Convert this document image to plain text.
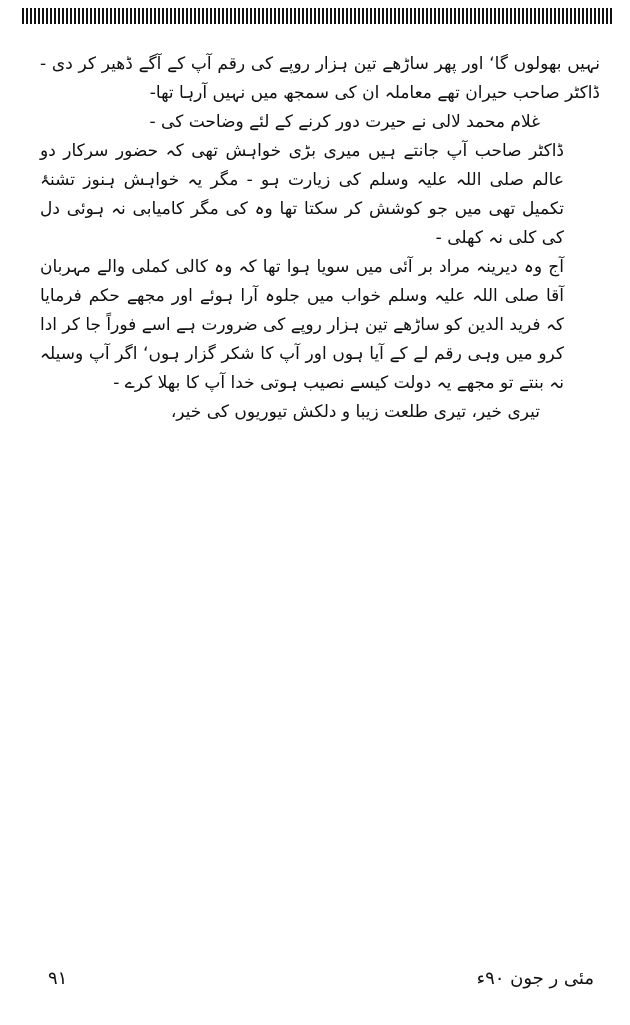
نہیں بھولوں گا‘ اور پھر ساڑھے تین ہزار روپے کی رقم آپ کے آگے ڈھیر کر دی - ڈاکٹر صاحب حیران تھے معاملہ ان کی سمجھ میں نہیں آرہا تھا-

غلام محمد لالی نے حیرت دور کرنے کے لئے وضاحت کی -

ڈاکٹر صاحب آپ جانتے ہیں میری بڑی خواہش تھی کہ حضور سرکار دو عالم صلی اللہ علیہ وسلم کی زیارت ہو - مگر یہ خواہش ہنوز تشنۂ تکمیل تھی میں جو کوشش کر سکتا تھا وہ کی مگر کامیابی نہ ہوئی دل کی کلی نہ کھلی -

آج وہ دیرینہ مراد بر آئی میں سویا ہوا تھا کہ وہ کالی کملی والے مہربان آقا صلی اللہ علیہ وسلم خواب میں جلوہ آرا ہوئے اور مجھے حکم فرمایا کہ فرید الدین کو ساڑھے تین ہزار روپے کی ضرورت ہے اسے فوراً جا کر ادا کرو میں وہی رقم لے کے آیا ہوں اور آپ کا شکر گزار ہوں‘ اگر آپ وسیلہ نہ بنتے تو مجھے یہ دولت کیسے نصیب ہوتی خدا آپ کا بھلا کرے -

تیری خیر، تیری طلعت زیبا و دلکش تیوریوں کی خیر،

۹۱	مئی ر جون ۹۰ء
